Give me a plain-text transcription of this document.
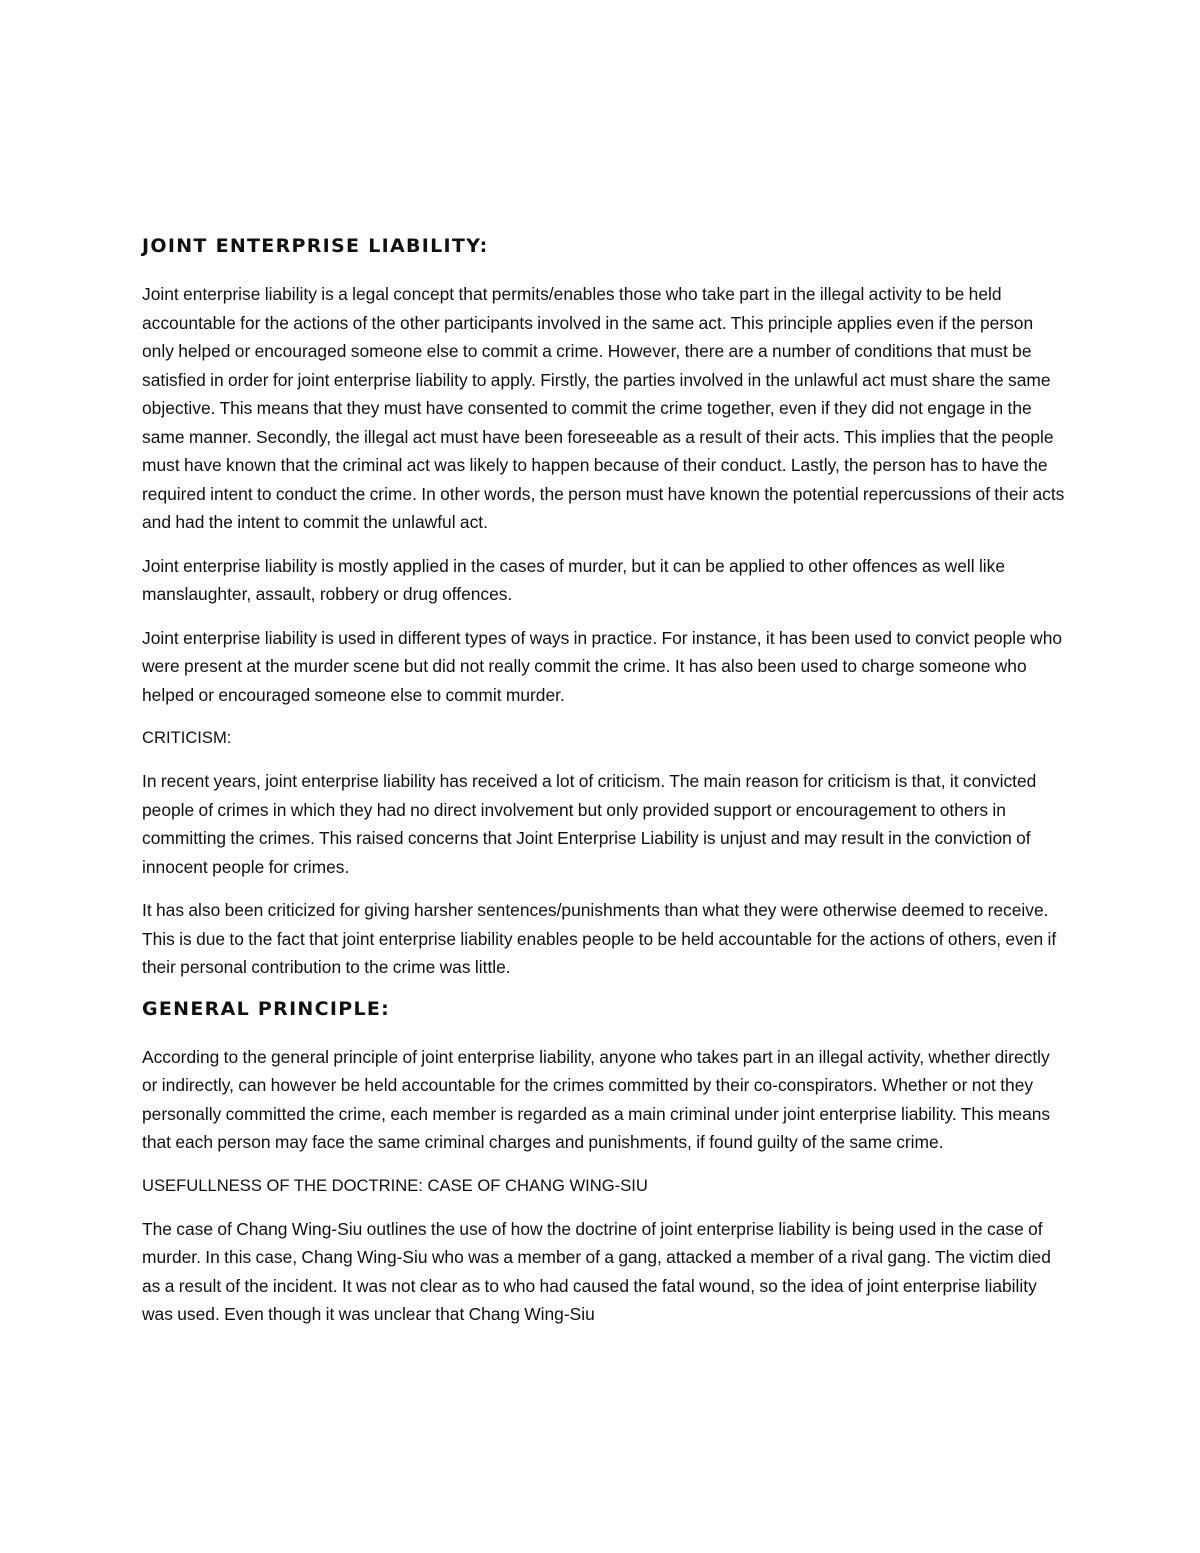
JOINT ENTERPRISE LIABILITY:

Joint enterprise liability is a legal concept that permits/enables those who take part in the illegal activity to be held accountable for the actions of the other participants involved in the same act. This principle applies even if the person only helped or encouraged someone else to commit a crime. However, there are a number of conditions that must be satisfied in order for joint enterprise liability to apply. Firstly, the parties involved in the unlawful act must share the same objective. This means that they must have consented to commit the crime together, even if they did not engage in the same manner. Secondly, the illegal act must have been foreseeable as a result of their acts. This implies that the people must have known that the criminal act was likely to happen because of their conduct. Lastly, the person has to have the required intent to conduct the crime. In other words, the person must have known the potential repercussions of their acts and had the intent to commit the unlawful act.

Joint enterprise liability is mostly applied in the cases of murder, but it can be applied to other offences as well like manslaughter, assault, robbery or drug offences.

Joint enterprise liability is used in different types of ways in practice. For instance, it has been used to convict people who were present at the murder scene but did not really commit the crime. It has also been used to charge someone who helped or encouraged someone else to commit murder.

CRITICISM:

In recent years, joint enterprise liability has received a lot of criticism. The main reason for criticism is that, it convicted people of crimes in which they had no direct involvement but only provided support or encouragement to others in committing the crimes. This raised concerns that Joint Enterprise Liability is unjust and may result in the conviction of innocent people for crimes.

It has also been criticized for giving harsher sentences/punishments than what they were otherwise deemed to receive. This is due to the fact that joint enterprise liability enables people to be held accountable for the actions of others, even if their personal contribution to the crime was little.

GENERAL PRINCIPLE:

According to the general principle of joint enterprise liability, anyone who takes part in an illegal activity, whether directly or indirectly, can however be held accountable for the crimes committed by their co-conspirators. Whether or not they personally committed the crime, each member is regarded as a main criminal under joint enterprise liability. This means that each person may face the same criminal charges and punishments, if found guilty of the same crime.

USEFULLNESS OF THE DOCTRINE: CASE OF CHANG WING-SIU

The case of Chang Wing-Siu outlines the use of how the doctrine of joint enterprise liability is being used in the case of murder. In this case, Chang Wing-Siu who was a member of a gang, attacked a member of a rival gang. The victim died as a result of the incident. It was not clear as to who had caused the fatal wound, so the idea of joint enterprise liability was used. Even though it was unclear that Chang Wing-Siu
